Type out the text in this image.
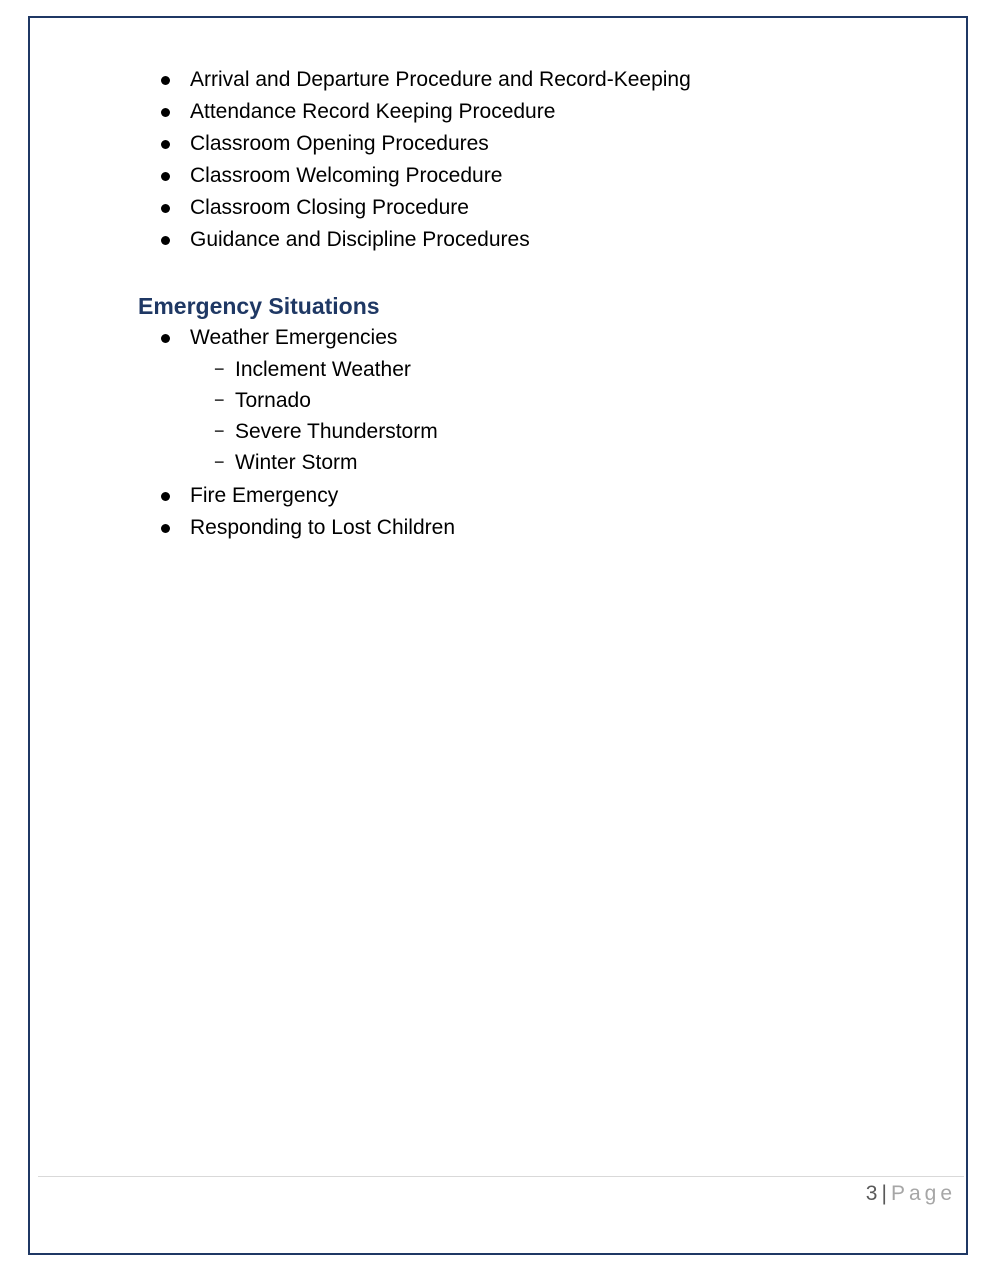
Arrival and Departure Procedure and Record-Keeping
Attendance Record Keeping Procedure
Classroom Opening Procedures
Classroom Welcoming Procedure
Classroom Closing Procedure
Guidance and Discipline Procedures
Emergency Situations
Weather Emergencies
− Inclement Weather
− Tornado
− Severe Thunderstorm
− Winter Storm
Fire Emergency
Responding to Lost Children
3 | Page
